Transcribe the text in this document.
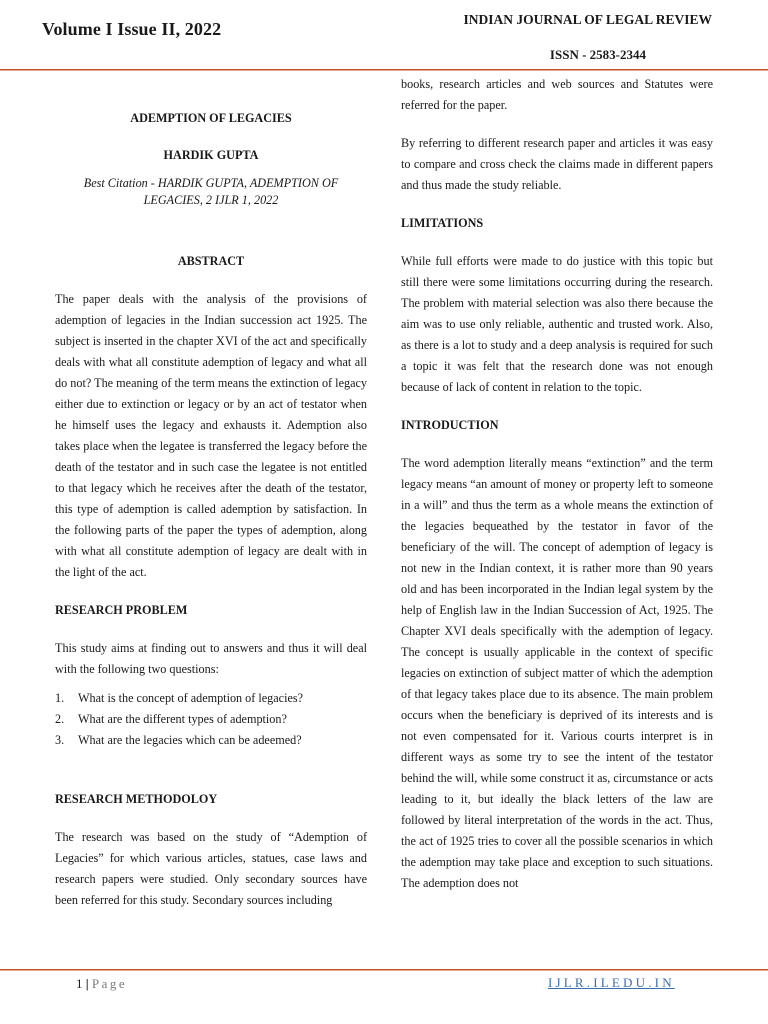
Volume I Issue II, 2022	INDIAN JOURNAL OF LEGAL REVIEW
ISSN - 2583-2344

ADEMPTION OF LEGACIES

HARDIK GUPTA

Best Citation - HARDIK GUPTA, ADEMPTION OF LEGACIES, 2 IJLR 1, 2022

ABSTRACT

The paper deals with the analysis of the provisions of ademption of legacies in the Indian succession act 1925. The subject is inserted in the chapter XVI of the act and specifically deals with what all constitute ademption of legacy and what all do not? The meaning of the term means the extinction of legacy either due to extinction or legacy or by an act of testator when he himself uses the legacy and exhausts it. Ademption also takes place when the legatee is transferred the legacy before the death of the testator and in such case the legatee is not entitled to that legacy which he receives after the death of the testator, this type of ademption is called ademption by satisfaction. In the following parts of the paper the types of ademption, along with what all constitute ademption of legacy are dealt with in the light of the act.

RESEARCH PROBLEM

This study aims at finding out to answers and thus it will deal with the following two questions:

1.	What is the concept of ademption of legacies?
2.	What are the different types of ademption?
3.	What are the legacies which can be adeemed?

RESEARCH METHODOLOY

The research was based on the study of “Ademption of Legacies” for which various articles, statues, case laws and research papers were studied. Only secondary sources have been referred for this study. Secondary sources including

books, research articles and web sources and Statutes were referred for the paper.

By referring to different research paper and articles it was easy to compare and cross check the claims made in different papers and thus made the study reliable.

LIMITATIONS

While full efforts were made to do justice with this topic but still there were some limitations occurring during the research. The problem with material selection was also there because the aim was to use only reliable, authentic and trusted work. Also, as there is a lot to study and a deep analysis is required for such a topic it was felt that the research done was not enough because of lack of content in relation to the topic.

INTRODUCTION

The word ademption literally means “extinction” and the term legacy means “an amount of money or property left to someone in a will” and thus the term as a whole means the extinction of the legacies bequeathed by the testator in favor of the beneficiary of the will. The concept of ademption of legacy is not new in the Indian context, it is rather more than 90 years old and has been incorporated in the Indian legal system by the help of English law in the Indian Succession of Act, 1925. The Chapter XVI deals specifically with the ademption of legacy. The concept is usually applicable in the context of specific legacies on extinction of subject matter of which the ademption of that legacy takes place due to its absence. The main problem occurs when the beneficiary is deprived of its interests and is not even compensated for it. Various courts interpret is in different ways as some try to see the intent of the testator behind the will, while some construct it as, circumstance or acts leading to it, but ideally the black letters of the law are followed by literal interpretation of the words in the act. Thus, the act of 1925 tries to cover all the possible scenarios in which the ademption may take place and exception to such situations. The ademption does not

1 | Page	IJLR.ILEDU.IN
